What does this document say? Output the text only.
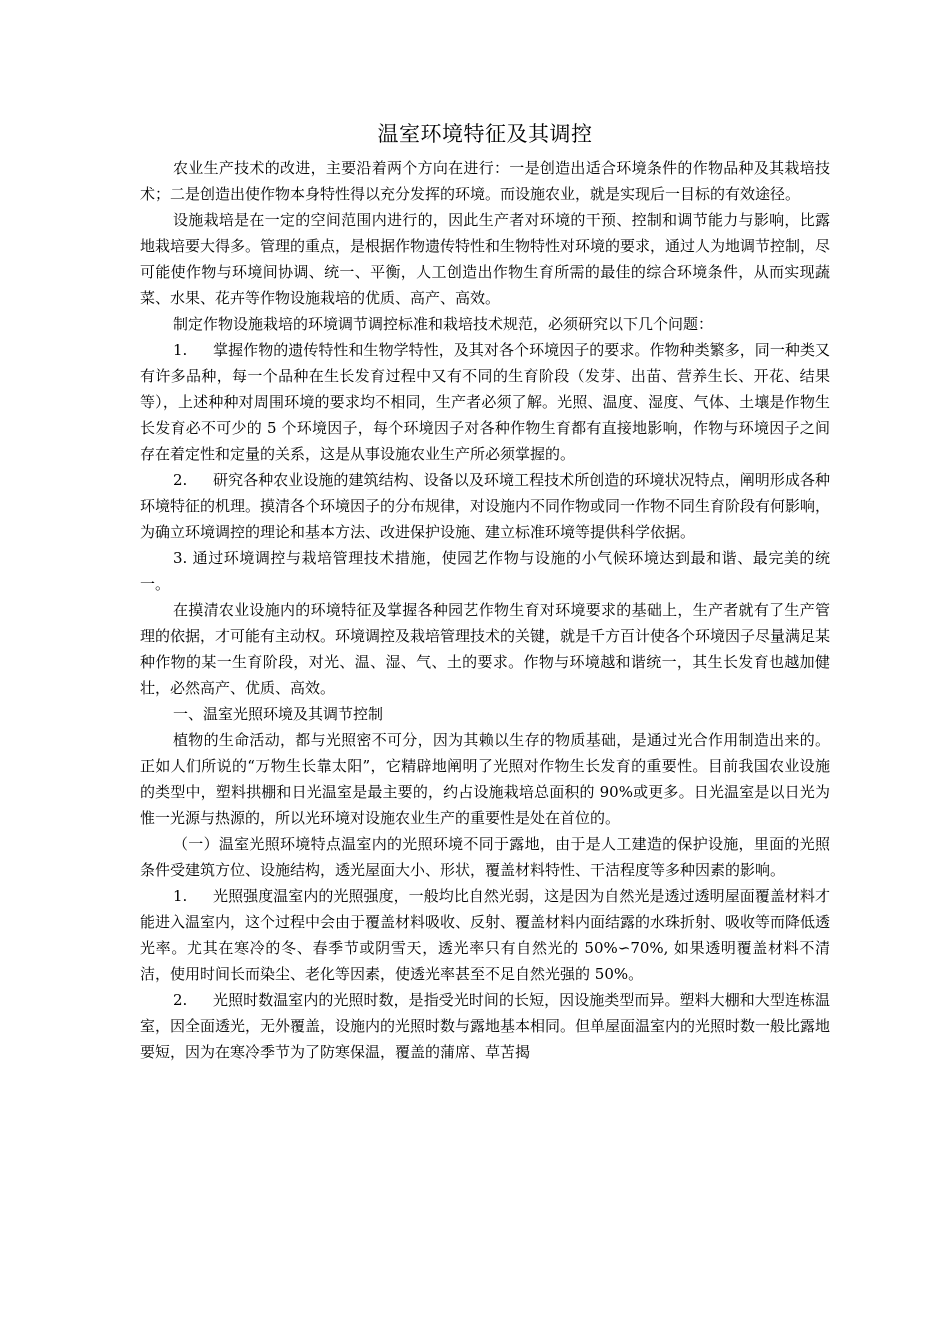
温室环境特征及其调控

农业生产技术的改进，主要沿着两个方向在进行：一是创造出适合环境条件的作物品种及其栽培技术；二是创造出使作物本身特性得以充分发挥的环境。而设施农业，就是实现后一目标的有效途径。

设施栽培是在一定的空间范围内进行的，因此生产者对环境的干预、控制和调节能力与影响，比露地栽培要大得多。管理的重点，是根据作物遗传特性和生物特性对环境的要求，通过人为地调节控制，尽可能使作物与环境间协调、统一、平衡，人工创造出作物生育所需的最佳的综合环境条件，从而实现蔬菜、水果、花卉等作物设施栽培的优质、高产、高效。

制定作物设施栽培的环境调节调控标准和栽培技术规范，必须研究以下几个问题：

1. 掌握作物的遗传特性和生物学特性，及其对各个环境因子的要求。作物种类繁多，同一种类又有许多品种，每一个品种在生长发育过程中又有不同的生育阶段（发芽、出苗、营养生长、开花、结果等），上述种种对周围环境的要求均不相同，生产者必须了解。光照、温度、湿度、气体、土壤是作物生长发育必不可少的 5 个环境因子，每个环境因子对各种作物生育都有直接地影响，作物与环境因子之间存在着定性和定量的关系，这是从事设施农业生产所必须掌握的。

2. 研究各种农业设施的建筑结构、设备以及环境工程技术所创造的环境状况特点，阐明形成各种环境特征的机理。摸清各个环境因子的分布规律，对设施内不同作物或同一作物不同生育阶段有何影响，为确立环境调控的理论和基本方法、改进保护设施、建立标准环境等提供科学依据。

3. 通过环境调控与栽培管理技术措施，使园艺作物与设施的小气候环境达到最和谐、最完美的统一。

在摸清农业设施内的环境特征及掌握各种园艺作物生育对环境要求的基础上，生产者就有了生产管理的依据，才可能有主动权。环境调控及栽培管理技术的关键，就是千方百计使各个环境因子尽量满足某种作物的某一生育阶段，对光、温、湿、气、土的要求。作物与环境越和谐统一，其生长发育也越加健壮，必然高产、优质、高效。

一、温室光照环境及其调节控制

植物的生命活动，都与光照密不可分，因为其赖以生存的物质基础，是通过光合作用制造出来的。正如人们所说的“万物生长靠太阳”，它精辟地阐明了光照对作物生长发育的重要性。目前我国农业设施的类型中，塑料拱棚和日光温室是最主要的，约占设施栽培总面积的 90%或更多。日光温室是以日光为惟一光源与热源的，所以光环境对设施农业生产的重要性是处在首位的。

（一）温室光照环境特点温室内的光照环境不同于露地，由于是人工建造的保护设施，里面的光照条件受建筑方位、设施结构，透光屋面大小、形状，覆盖材料特性、干洁程度等多种因素的影响。

1. 光照强度温室内的光照强度，一般均比自然光弱，这是因为自然光是透过透明屋面覆盖材料才能进入温室内，这个过程中会由于覆盖材料吸收、反射、覆盖材料内面结露的水珠折射、吸收等而降低透光率。尤其在寒冷的冬、春季节或阴雪天，透光率只有自然光的 50%∽70%, 如果透明覆盖材料不清洁，使用时间长而染尘、老化等因素，使透光率甚至不足自然光强的 50%。

2. 光照时数温室内的光照时数，是指受光时间的长短，因设施类型而异。塑料大棚和大型连栋温室，因全面透光，无外覆盖，设施内的光照时数与露地基本相同。但单屋面温室内的光照时数一般比露地要短，因为在寒冷季节为了防寒保温，覆盖的蒲席、草苫揭
